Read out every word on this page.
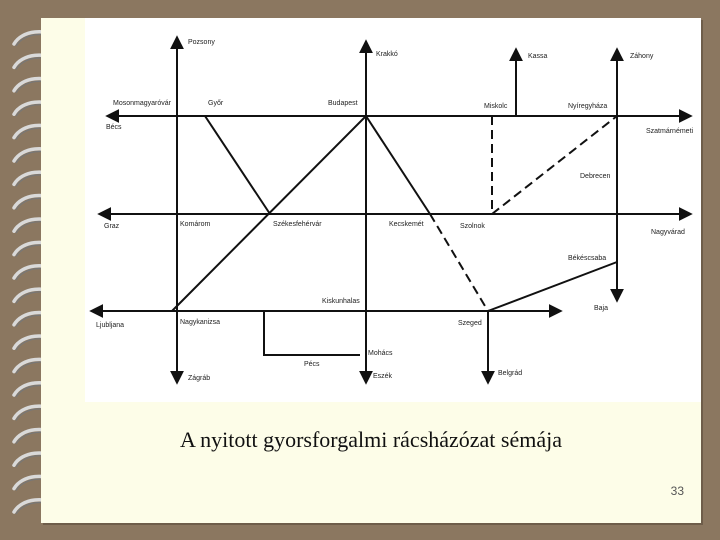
Pozsony
Krakkó	Kassa	Záhony
Mosonmagyaróvár	Győr	Budapest	Miskolc	Nyíregyháza
Bécs
Szatmárnémeti
Debrecen
Graz	Komárom	Székesfehérvár	Kecskemét	Szolnok
Nagyvárad
Békéscsaba
Baja
Kiskunhalas
Ljubljana	Nagykanizsa	Szeged
Mohács
Pécs
Zágráb	Eszék	Belgrád
A nyitott gyorsforgalmi rácsházózat sémája
33
